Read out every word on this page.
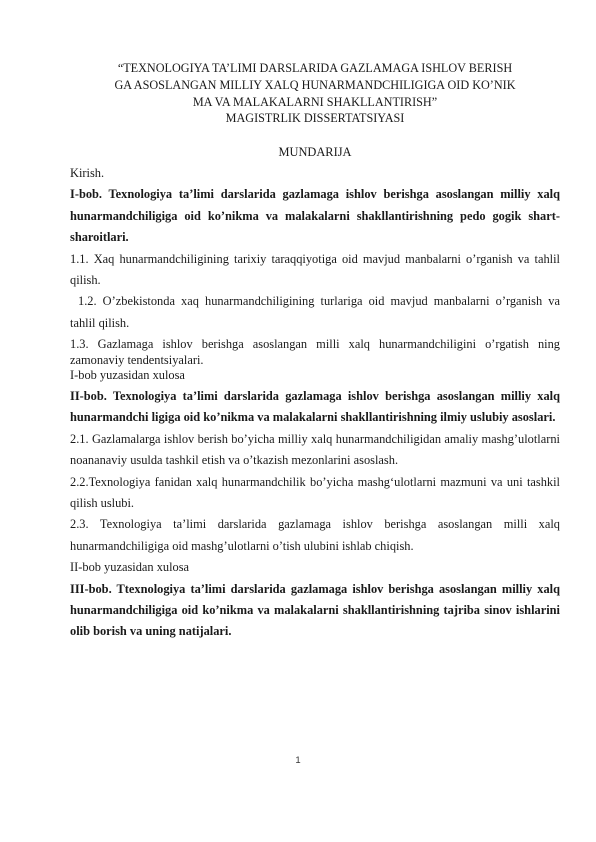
“TEXNOLOGIYA TA’LIMI DARSLARIDA GAZLAMAGA ISHLOV BERISH
GA ASOSLANGAN MILLIY XALQ HUNARMANDCHILIGIGA OID KO’NIK
MA VA MALAKALARNI SHAKLLANTIRISH”
MAGISTRLIK DISSERTATSIYASI
MUNDARIJA
Kirish.
I-bob. Texnologiya ta’limi darslarida gazlamaga ishlov berishga asoslangan milliy xalq hunarmandchiligiga oid ko’nikma va malakalarni shakllantirishning pedo gogik shart-sharoitlari.
1.1. Xaq hunarmandchiligining tarixiy taraqqiyotiga oid mavjud manbalarni o’rganish va tahlil qilish.
1.2. O’zbekistonda xaq hunarmandchiligining turlariga oid mavjud manbalarni o’rganish va tahlil qilish.
1.3. Gazlamaga ishlov berishga asoslangan milli xalq hunarmandchiligini o’rgatish ning zamonaviy tendentsiyalari.
I-bob yuzasidan xulosa
II-bob. Texnologiya ta’limi darslarida gazlamaga ishlov berishga asoslangan milliy xalq hunarmandchi ligiga oid ko’nikma va malakalarni shakllantirishning ilmiy uslubiy asoslari.
2.1. Gazlamalarga ishlov berish bo’yicha milliy xalq hunarmandchiligidan amaliy mashg’ulotlarni noananaviy usulda tashkil etish va o’tkazish mezonlarini asoslash.
2.2.Texnologiya fanidan xalq hunarmandchilik bo’yicha mashg‘ulotlarni mazmuni va uni tashkil qilish uslubi.
2.3. Texnologiya ta’limi darslarida gazlamaga ishlov berishga asoslangan milli xalq hunarmandchiligiga oid mashg’ulotlarni o’tish ulubini ishlab chiqish.
II-bob yuzasidan xulosa
III-bob. Ttexnologiya ta’limi darslarida gazlamaga ishlov berishga asoslangan milliy xalq hunarmandchiligiga oid ko’nikma va malakalarni shakllantirishning tajriba sinov ishlarini olib borish va uning natijalari.
1
